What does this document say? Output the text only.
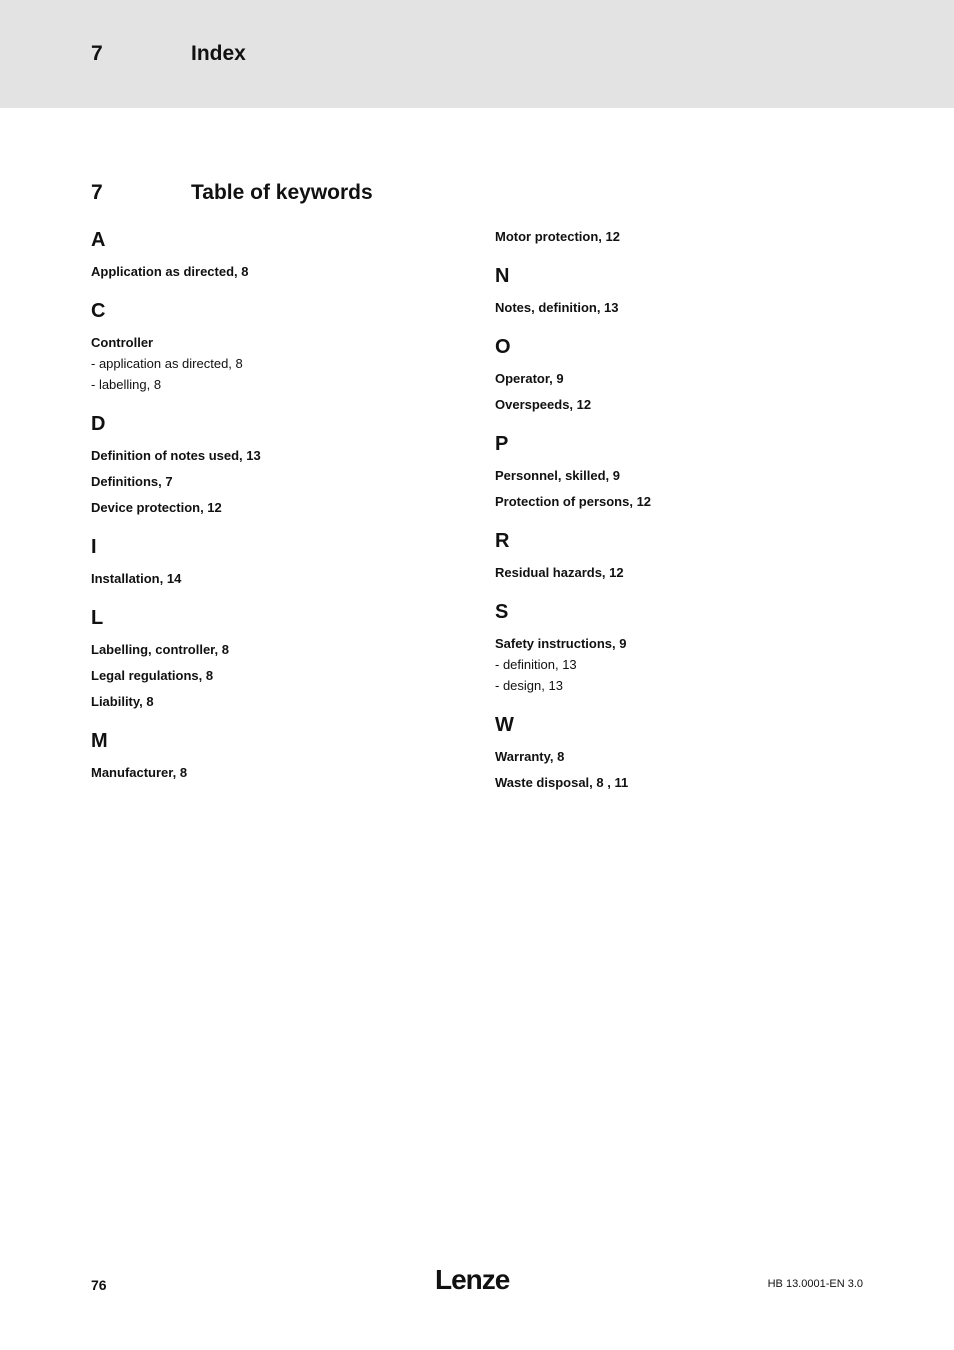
7	Index
7	Table of keywords
A
Application as directed, 8
C
Controller
- application as directed, 8
- labelling, 8
D
Definition of notes used, 13
Definitions, 7
Device protection, 12
I
Installation, 14
L
Labelling, controller, 8
Legal regulations, 8
Liability, 8
M
Manufacturer, 8
Motor protection, 12
N
Notes, definition, 13
O
Operator, 9
Overspeeds, 12
P
Personnel, skilled, 9
Protection of persons, 12
R
Residual hazards, 12
S
Safety instructions, 9
- definition, 13
- design, 13
W
Warranty, 8
Waste disposal, 8 , 11
76	Lenze	HB 13.0001-EN 3.0
